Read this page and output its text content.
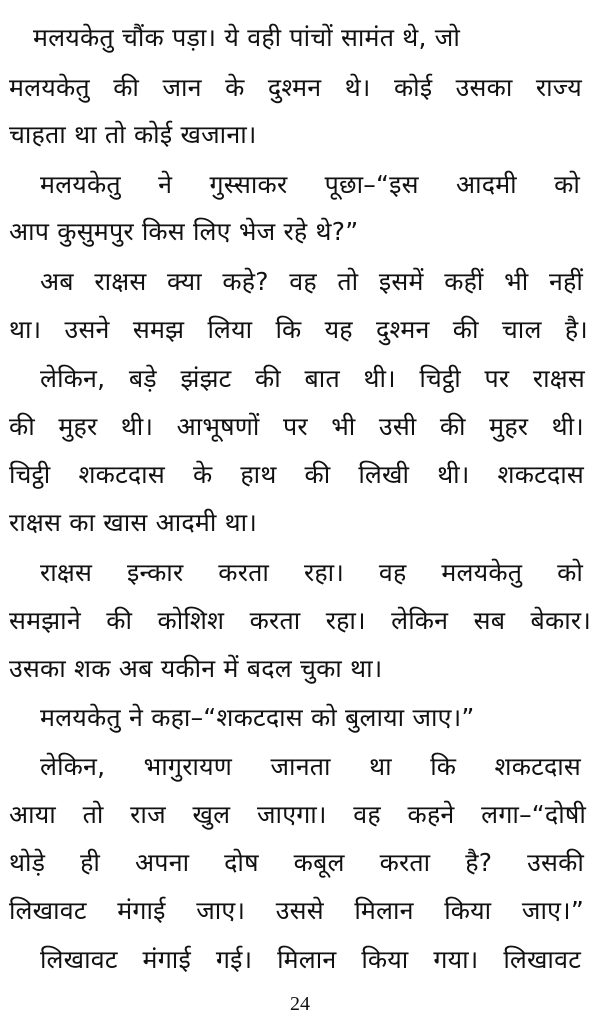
मलयकेतु चौंक पड़ा। ये वही पांचों सामंत थे, जो
मलयकेतु की जान के दुश्मन थे। कोई उसका राज्य
चाहता था तो कोई खजाना।
मलयकेतु ने गुस्साकर पूछा–“इस आदमी को
आप कुसुमपुर किस लिए भेज रहे थे?”
अब राक्षस क्या कहे? वह तो इसमें कहीं भी नहीं
था। उसने समझ लिया कि यह दुश्मन की चाल है।
लेकिन, बड़े झंझट की बात थी। चिट्ठी पर राक्षस
की मुहर थी। आभूषणों पर भी उसी की मुहर थी।
चिट्ठी शकटदास के हाथ की लिखी थी। शकटदास
राक्षस का खास आदमी था।
राक्षस इन्कार करता रहा। वह मलयकेतु को
समझाने की कोशिश करता रहा। लेकिन सब बेकार।
उसका शक अब यकीन में बदल चुका था।
मलयकेतु ने कहा–“शकटदास को बुलाया जाए।”
लेकिन, भागुरायण जानता था कि शकटदास
आया तो राज खुल जाएगा। वह कहने लगा–“दोषी
थोड़े ही अपना दोष कबूल करता है? उसकी
लिखावट मंगाई जाए। उससे मिलान किया जाए।”
लिखावट मंगाई गई। मिलान किया गया। लिखावट
24
